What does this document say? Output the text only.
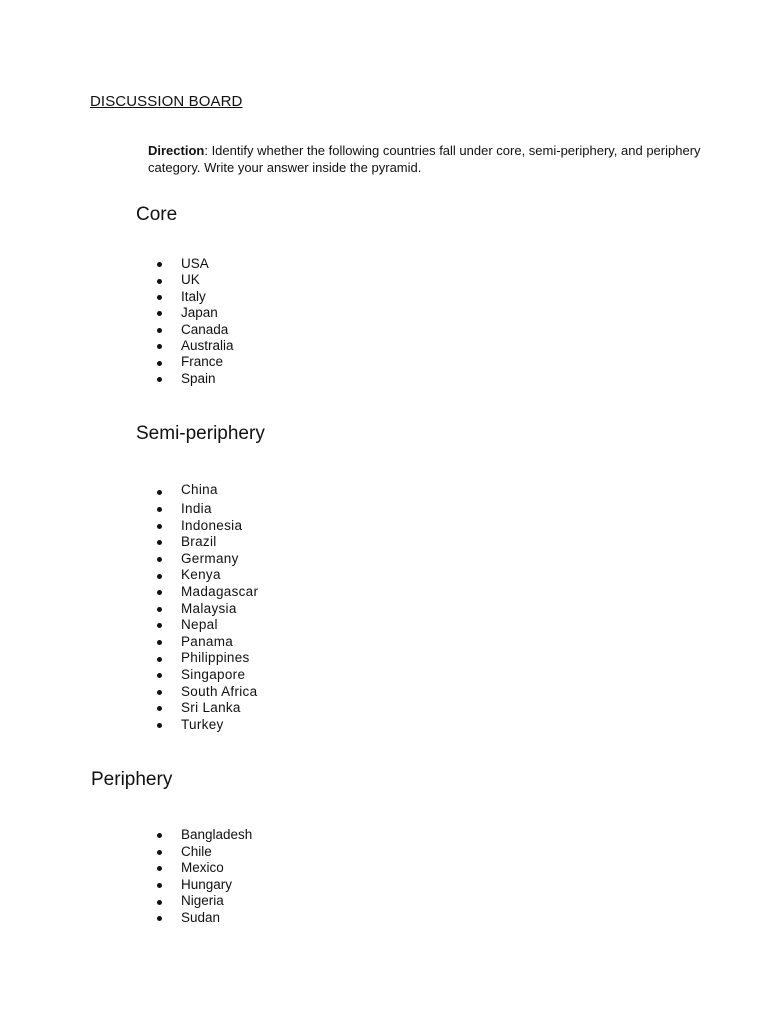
DISCUSSION BOARD
Direction: Identify whether the following countries fall under core, semi-periphery, and periphery category. Write your answer inside the pyramid.
Core
USA
UK
Italy
Japan
Canada
Australia
France
Spain
Semi-periphery
China
India
Indonesia
Brazil
Germany
Kenya
Madagascar
Malaysia
Nepal
Panama
Philippines
Singapore
South Africa
Sri Lanka
Turkey
Periphery
Bangladesh
Chile
Mexico
Hungary
Nigeria
Sudan
